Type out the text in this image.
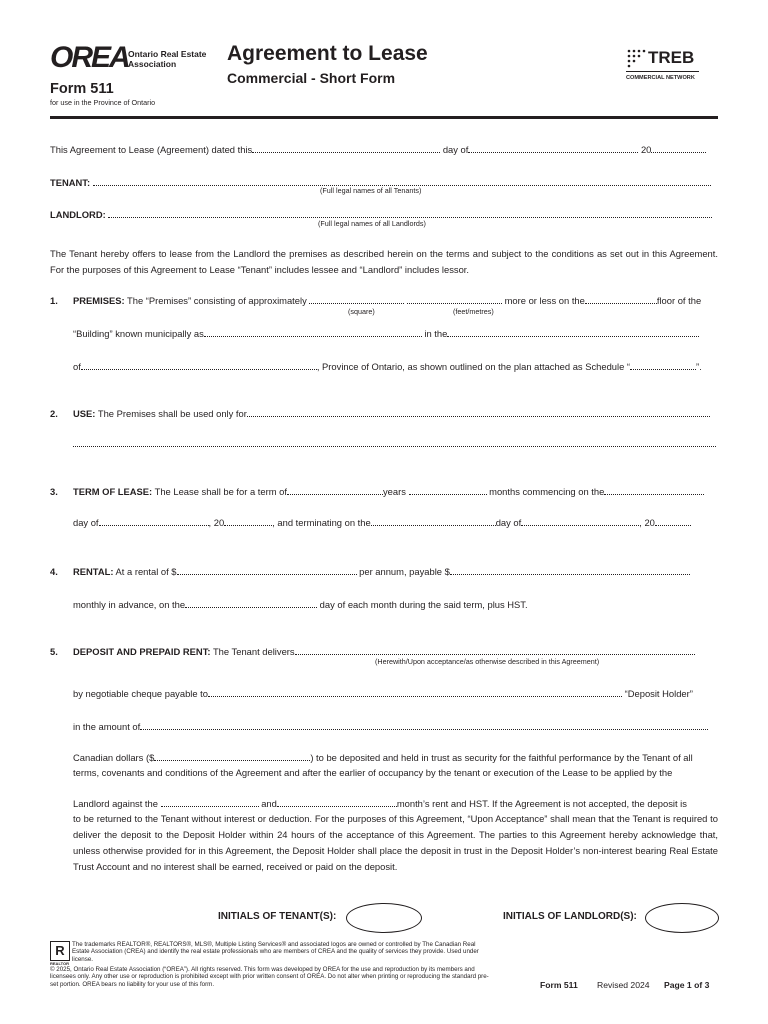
OREA Ontario Real Estate
Association
Form 511
for use in the Province of Ontario
Agreement to Lease
Commercial - Short Form
TREB
COMMERCIAL NETWORK
This Agreement to Lease (Agreement) dated this	day of	20
TENANT:
(Full legal names of all Tenants)
LANDLORD:
(Full legal names of all Landlords)
The Tenant hereby offers to lease from the Landlord the premises as described herein on the terms and subject to the conditions as set out in this Agreement. For the purposes of this Agreement to Lease “Tenant” includes lessee and “Landlord” includes lessor.
1. PREMISES: The “Premises” consisting of approximately	more or less on the	floor of the
(square)	(feet/metres)
“Building” known municipally as	in the
of	, Province of Ontario, as shown outlined on the plan attached as Schedule “	”.
2. USE: The Premises shall be used only for
3. TERM OF LEASE: The Lease shall be for a term of	years	months commencing on the
day of	, 20	, and terminating on the	day of	, 20
4. RENTAL: At a rental of $	per annum, payable $
monthly in advance, on the	day of each month during the said term, plus HST.
5. DEPOSIT AND PREPAID RENT: The Tenant delivers
(Herewith/Upon acceptance/as otherwise described in this Agreement)
by negotiable cheque payable to	“Deposit Holder”
in the amount of
Canadian dollars ($	) to be deposited and held in trust as security for the faithful performance by the Tenant of all
terms, covenants and conditions of the Agreement and after the earlier of occupancy by the tenant or execution of the Lease to be applied by the
Landlord against the	and	month’s rent and HST. If the Agreement is not accepted, the deposit is
to be returned to the Tenant without interest or deduction. For the purposes of this Agreement, “Upon Acceptance” shall mean that the Tenant is required to deliver the deposit to the Deposit Holder within 24 hours of the acceptance of this Agreement. The parties to this Agreement hereby acknowledge that, unless otherwise provided for in this Agreement, the Deposit Holder shall place the deposit in trust in the Deposit Holder’s non-interest bearing Real Estate Trust Account and no interest shall be earned, received or paid on the deposit.
INITIALS OF TENANT(S):	INITIALS OF LANDLORD(S):
R
REALTOR
The trademarks REALTOR®, REALTORS®, MLS®, Multiple Listing Services® and associated logos are owned or controlled by The Canadian Real Estate Association (CREA) and identify the real estate professionals who are members of CREA and the quality of services they provide. Used under license.
© 2025, Ontario Real Estate Association (“OREA”). All rights reserved. This form was developed by OREA for the use and reproduction by its members and licensees only. Any other use or reproduction is prohibited except with prior written consent of OREA. Do not alter when printing or reproducing the standard pre-set portion. OREA bears no liability for your use of this form.	Form 511 Revised 2024 Page 1 of 3
